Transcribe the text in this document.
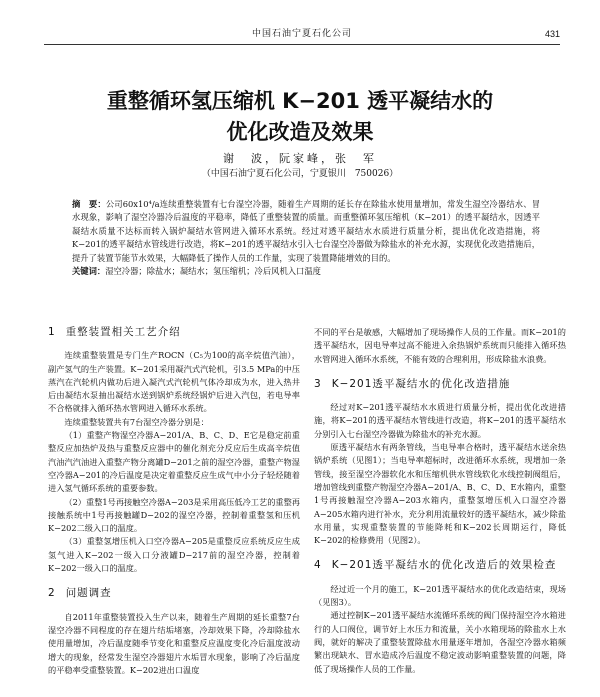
中国石油宁夏石化公司	431
重整循环氢压缩机 K−201 透平凝结水的
优化改造及效果
谢　波，阮家峰，张　军
（中国石油宁夏石化公司，宁夏银川　750026）
摘　要：公司60x10⁴/a连续重整装置有七台湿空冷器，随着生产周期的延长存在除盐水使用量增加，常发生湿空冷器结水、冒水现象，影响了湿空冷器冷后温度的平稳率，降低了重整装置的质量。而重整循环氢压缩机（K−201）的透平凝结水，因透平凝结水质量不达标而转入锅炉凝结水管网进入循环水系统。经过对透平凝结水水质进行质量分析，提出优化改造措施，将K−201的透平凝结水管线进行改造，将K−201的透平凝结水引入七台湿空冷器做为除盐水的补充水源，实现优化改造措施后，提升了装置节能节水效果，大幅降低了操作人员的工作量，实现了装置降能增效的目的。
关键词：湿空冷器；除盐水；凝结水；氢压缩机；冷后风机入口温度
1 重整装置相关工艺介绍

连续重整装置是专门生产ROCN（C₅为100的高辛烷值汽油），副产氢气的生产装置。K−201采用凝汽式汽轮机，引3.5 MPa的中压蒸汽在汽轮机内做功后进入凝汽式汽轮机气体冷却成为水，进入热井后由凝结水泵抽出凝结水送到锅炉系统经锅炉后进入汽包，若电导率不合格就排入循环热水管网进入循环水系统。

连续重整装置共有7台湿空冷器分别是：

（1）重整产物湿空冷器A−201/A、B、C、D、E它是稳定前重整反应加热炉及热与重整反应器中的催化剂充分反应后生成高辛烷值汽油汽汽油进入重整产物分离罐D−201之前的湿空冷器，重整产物湿空冷器A−201的冷后温度是决定着重整反应生成气中小分子轻烃随着进入氢气循环系统的重要参数。

（2）重整1号再接触空冷器A−203是采用高压低冷工艺的重整再接触系统中1号再接触罐D−202的湿空冷器，控制着重整氢和压机K−202二级入口的温度。

（3）重整氢增压机入口空冷器A−205是重整反应系统反应生成氢气进入K−202一级入口分液罐D−217前的湿空冷器，控制着K−202一级入口的温度。

2 问题调查

自2011年重整装置投入生产以来，随着生产周期的延长重整7台湿空冷器不同程度的存在翅片结垢堵塞，冷却效果下降，冷却除盐水使用量增加，冷后温度随季节变化和重整反应温度变化冷后温度波动增大的现象，经常发生湿空冷器翅片水垢冒水现象，影响了冷后温度的平稳率受重整装置。K−202进出口温度

不同的平台是敏感，大幅增加了现场操作人员的工作量。而K−201的透平凝结水，因电导率过高不能进入余热锅炉系统而只能排入循环热水管网进入循环水系统，不能有效的合理利用，形成除盐水浪费。

3 K−201透平凝结水的优化改造措施

经过对K−201透平凝结水水质进行质量分析，提出优化改进措施，将K−201的透平凝结水管线进行改造，将K−201的透平凝结水分别引入七台湿空冷器做为除盐水的补充水源。

原透平凝结水有两条管线，当电导率合格时，透平凝结水送余热锅炉系统（见图1）；当电导率超标时，改进循环水系统，现增加一条管线，接至湿空冷器软化水和压缩机供水管线软化水线控制阀组后，增加管线到重整产物湿空冷器A−201/A、B、C、D、E水箱内，重整1号再接触湿空冷器A−203水箱内，重整氢增压机入口湿空冷器A−205水箱内进行补水，充分利用流量较好的透平凝结水，减少除盐水用量，实现重整装置的节能降耗和K−202长周期运行，降低K−202的检修费用（见图2）。

4 K−201透平凝结水的优化改造后的效果检查

经过近一个月的施工，K−201透平凝结水的优化改造结束，现场（见图3）。

通过控制K−201透平凝结水流循环系统的阀门保持湿空冷水箱进行的人口阀位，调节好上水压力和流量，关小水箱现场的除盐水上水阀，就好的解决了重整装置除盐水用量逐年增加，各湿空冷器水箱频繁出现缺水、冒水造成冷后温度不稳定波动影响重整装置的问题，降低了现场操作人员的工作量。
